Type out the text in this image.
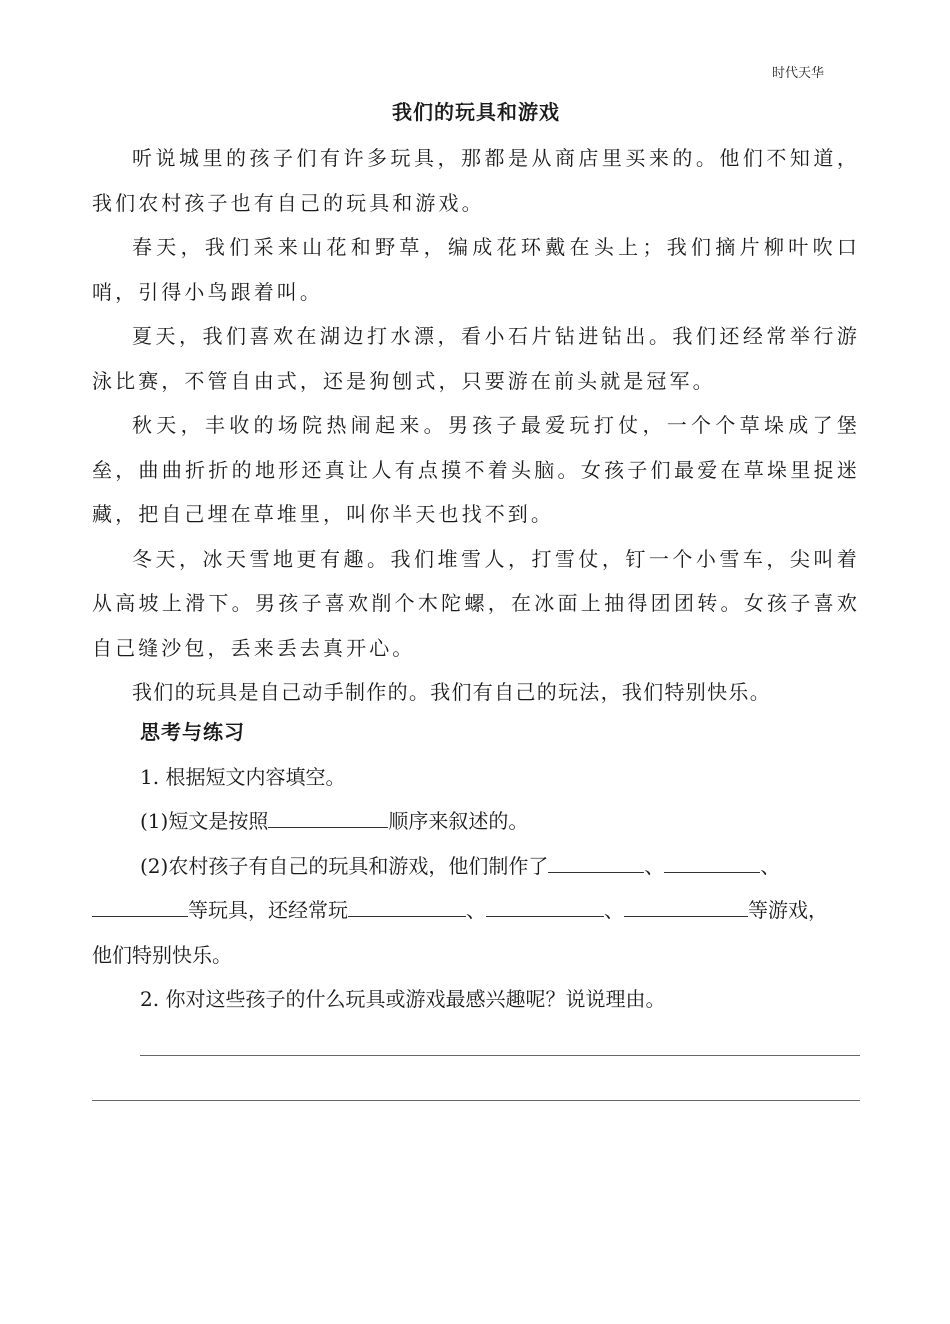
时代天华
我们的玩具和游戏

听说城里的孩子们有许多玩具，那都是从商店里买来的。他们不知道，我们农村孩子也有自己的玩具和游戏。

春天，我们采来山花和野草，编成花环戴在头上；我们摘片柳叶吹口哨，引得小鸟跟着叫。

夏天，我们喜欢在湖边打水漂，看小石片钻进钻出。我们还经常举行游泳比赛，不管自由式，还是狗刨式，只要游在前头就是冠军。

秋天，丰收的场院热闹起来。男孩子最爱玩打仗，一个个草垛成了堡垒，曲曲折折的地形还真让人有点摸不着头脑。女孩子们最爱在草垛里捉迷藏，把自己埋在草堆里，叫你半天也找不到。

冬天，冰天雪地更有趣。我们堆雪人，打雪仗，钉一个小雪车，尖叫着从高坡上滑下。男孩子喜欢削个木陀螺，在冰面上抽得团团转。女孩子喜欢自己缝沙包，丢来丢去真开心。

我们的玩具是自己动手制作的。我们有自己的玩法，我们特别快乐。

思考与练习
1. 根据短文内容填空。
(1)短文是按照	顺序来叙述的。
(2)农村孩子有自己的玩具和游戏，他们制作了	、	、
等玩具，还经常玩	、	、	等游戏，
他们特别快乐。
2. 你对这些孩子的什么玩具或游戏最感兴趣呢？说说理由。
